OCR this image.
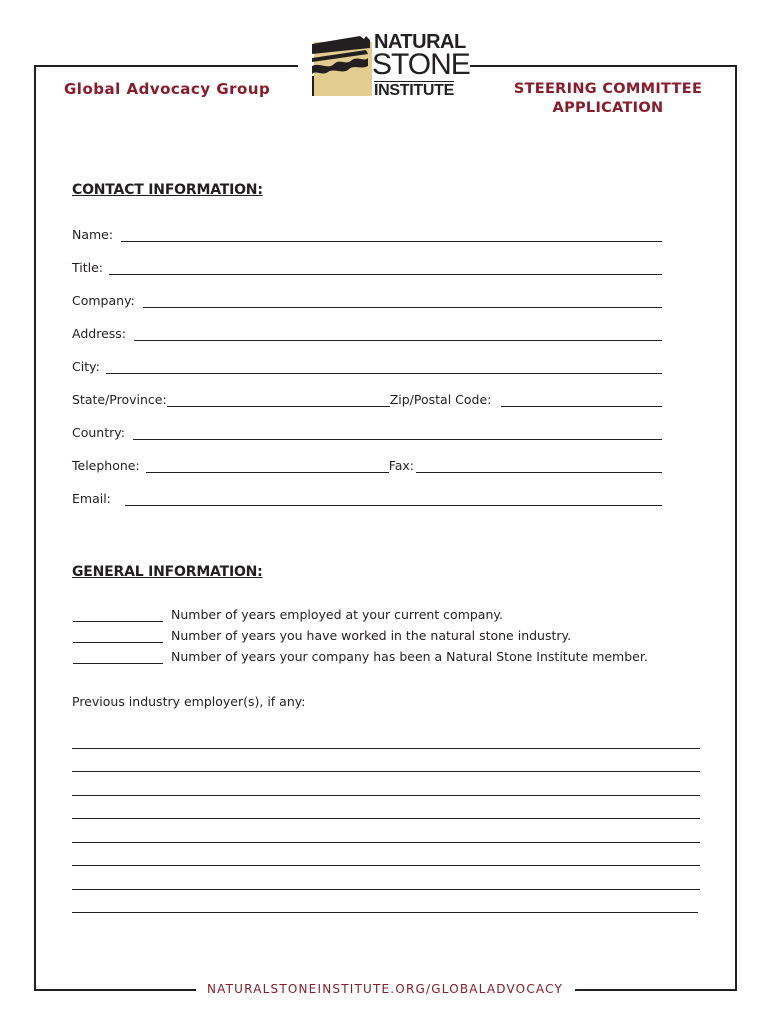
NATURAL
STONE
INSTITUTE
Global Advocacy Group	STEERING COMMITTEE
APPLICATION
CONTACT INFORMATION:
Name:
Title:
Company:
Address:
City:
State/Province:	Zip/Postal Code:
Country:
Telephone:	Fax:
Email:
GENERAL INFORMATION:
Number of years employed at your current company.
Number of years you have worked in the natural stone industry.
Number of years your company has been a Natural Stone Institute member.
Previous industry employer(s), if any:
NATURALSTONEINSTITUTE.ORG/GLOBALADVOCACY
